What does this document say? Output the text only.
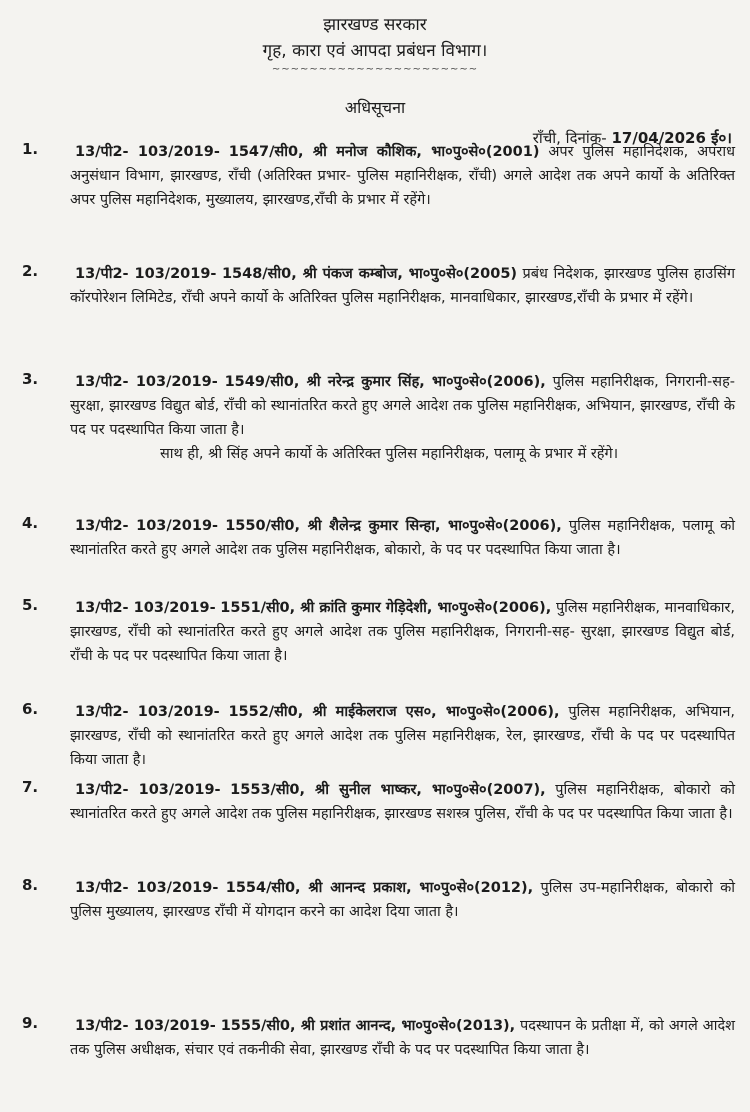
झारखण्ड सरकार
गृह, कारा एवं आपदा प्रबंधन विभाग।
~~~~~~~~~~~~~~~~~~~~~~
अधिसूचना
राँची, दिनांक- 17/04/2026 ई०।
1.	13/पी2- 103/2019- 1547/सी0, श्री मनोज कौशिक, भा०पु०से०(2001) अपर पुलिस महानिदेशक, अपराध अनुसंधान विभाग, झारखण्ड, राँची (अतिरिक्त प्रभार- पुलिस महानिरीक्षक, राँची) अगले आदेश तक अपने कार्यो के अतिरिक्त अपर पुलिस महानिदेशक, मुख्यालय, झारखण्ड,राँची के प्रभार में रहेंगे।
2.	13/पी2- 103/2019- 1548/सी0, श्री पंकज कम्बोज, भा०पु०से०(2005) प्रबंध निदेशक, झारखण्ड पुलिस हाउसिंग कॉरपोरेशन लिमिटेड, राँची अपने कार्यो के अतिरिक्त पुलिस महानिरीक्षक, मानवाधिकार, झारखण्ड,राँची के प्रभार में रहेंगे।
3.	13/पी2- 103/2019- 1549/सी0, श्री नरेन्द्र कुमार सिंह, भा०पु०से०(2006), पुलिस महानिरीक्षक, निगरानी-सह- सुरक्षा, झारखण्ड विद्युत बोर्ड, राँची को स्थानांतरित करते हुए अगले आदेश तक पुलिस महानिरीक्षक, अभियान, झारखण्ड, राँची के पद पर पदस्थापित किया जाता है।
साथ ही, श्री सिंह अपने कार्यो के अतिरिक्त पुलिस महानिरीक्षक, पलामू के प्रभार में रहेंगे।
4.	13/पी2- 103/2019- 1550/सी0, श्री शैलेन्द्र कुमार सिन्हा, भा०पु०से०(2006), पुलिस महानिरीक्षक, पलामू को स्थानांतरित करते हुए अगले आदेश तक पुलिस महानिरीक्षक, बोकारो, के पद पर पदस्थापित किया जाता है।
5.	13/पी2- 103/2019- 1551/सी0, श्री क्रांति कुमार गेड़िदेशी, भा०पु०से०(2006), पुलिस महानिरीक्षक, मानवाधिकार, झारखण्ड, राँची को स्थानांतरित करते हुए अगले आदेश तक पुलिस महानिरीक्षक, निगरानी-सह- सुरक्षा, झारखण्ड विद्युत बोर्ड, राँची के पद पर पदस्थापित किया जाता है।
6.	13/पी2- 103/2019- 1552/सी0, श्री माईकेलराज एस०, भा०पु०से०(2006), पुलिस महानिरीक्षक, अभियान, झारखण्ड, राँची को स्थानांतरित करते हुए अगले आदेश तक पुलिस महानिरीक्षक, रेल, झारखण्ड, राँची के पद पर पदस्थापित किया जाता है।
7.	13/पी2- 103/2019- 1553/सी0, श्री सुनील भाष्कर, भा०पु०से०(2007), पुलिस महानिरीक्षक, बोकारो को स्थानांतरित करते हुए अगले आदेश तक पुलिस महानिरीक्षक, झारखण्ड सशस्त्र पुलिस, राँची के पद पर पदस्थापित किया जाता है।
8.	13/पी2- 103/2019- 1554/सी0, श्री आनन्द प्रकाश, भा०पु०से०(2012), पुलिस उप-महानिरीक्षक, बोकारो को पुलिस मुख्यालय, झारखण्ड राँची में योगदान करने का आदेश दिया जाता है।
9.	13/पी2- 103/2019- 1555/सी0, श्री प्रशांत आनन्द, भा०पु०से०(2013), पदस्थापन के प्रतीक्षा में, को अगले आदेश तक पुलिस अधीक्षक, संचार एवं तकनीकी सेवा, झारखण्ड राँची के पद पर पदस्थापित किया जाता है।
